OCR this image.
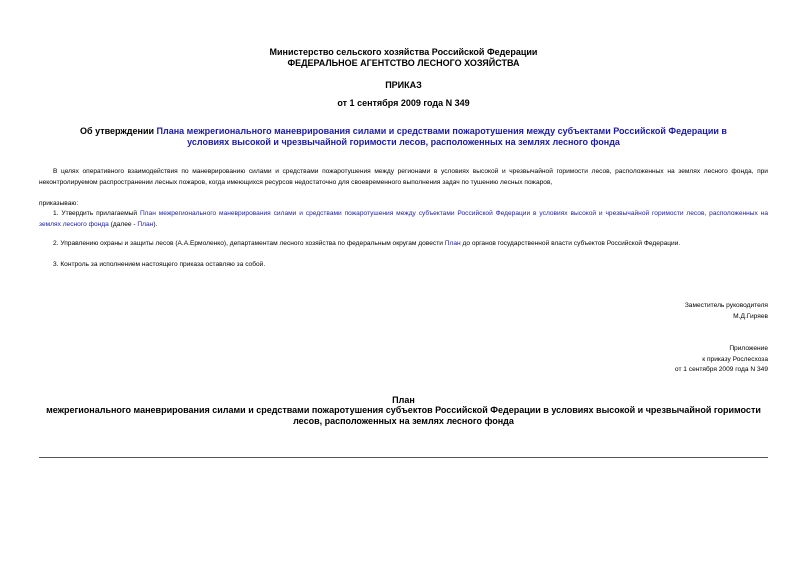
Министерство сельского хозяйства Российской Федерации
ФЕДЕРАЛЬНОЕ АГЕНТСТВО ЛЕСНОГО ХОЗЯЙСТВА
ПРИКАЗ
от 1 сентября 2009 года N 349
Об утверждении Плана межрегионального маневрирования силами и средствами пожаротушения между субъектами Российской Федерации в условиях высокой и чрезвычайной горимости лесов, расположенных на землях лесного фонда
В целях оперативного взаимодействия по маневрированию силами и средствами пожаротушения между регионами в условиях высокой и чрезвычайной горимости лесов, расположенных на землях лесного фонда, при неконтролируемом распространении лесных пожаров, когда имеющихся ресурсов недостаточно для своевременного выполнения задач по тушению лесных пожаров,
приказываю:
1. Утвердить прилагаемый План межрегионального маневрирования силами и средствами пожаротушения между субъектами Российской Федерации в условиях высокой и чрезвычайной горимости лесов, расположенных на землях лесного фонда (далее - План).
2. Управлению охраны и защиты лесов (А.А.Ермоленко), департаментам лесного хозяйства по федеральным округам довести План до органов государственной власти субъектов Российской Федерации.
3. Контроль за исполнением настоящего приказа оставляю за собой.
Заместитель руководителя
М.Д.Гиряев
Приложение
к приказу Рослесхоза
от 1 сентября 2009 года N 349
План
межрегионального маневрирования силами и средствами пожаротушения субъектов Российской Федерации в условиях высокой и чрезвычайной горимости
лесов, расположенных на землях лесного фонда
